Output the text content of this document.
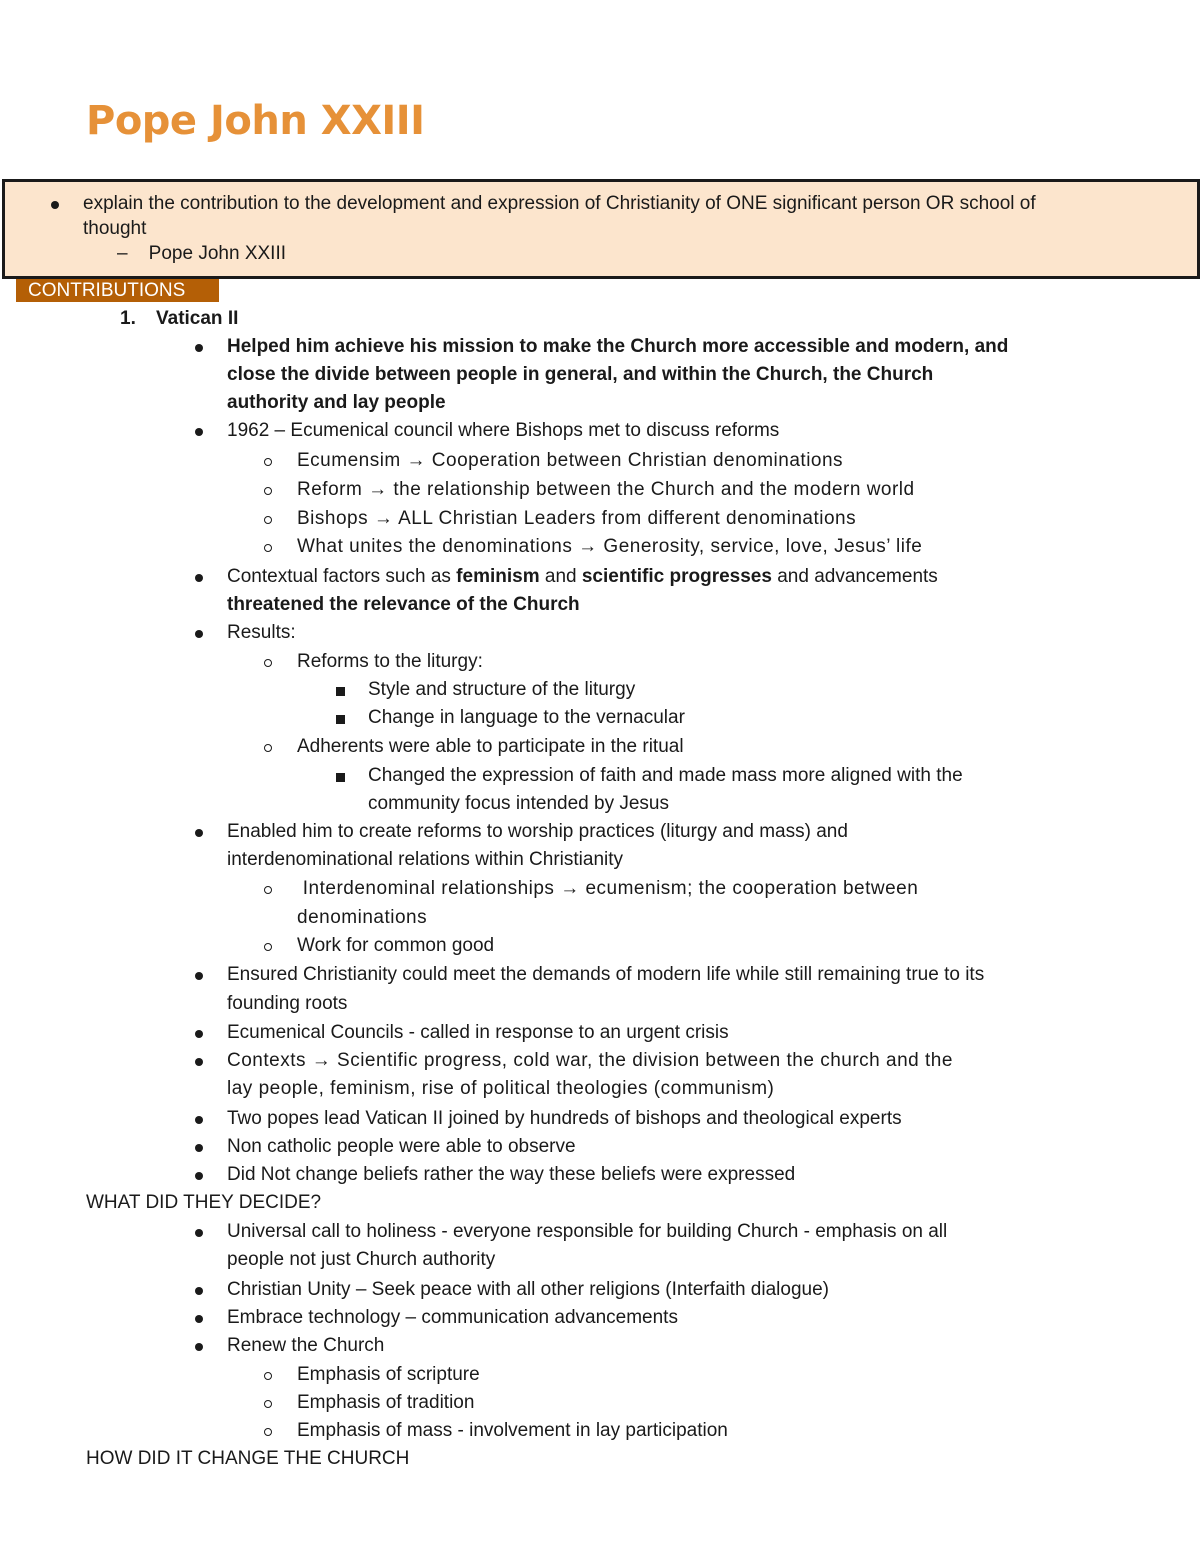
Pope John XXIII
explain the contribution to the development and expression of Christianity of ONE significant person OR school of
thought
–    Pope John XXIII
CONTRIBUTIONS
1. Vatican II
Helped him achieve his mission to make the Church more accessible and modern, and
close the divide between people in general, and within the Church, the Church
authority and lay people
1962 – Ecumenical council where Bishops met to discuss reforms
Ecumensim → Cooperation between Christian denominations
Reform → the relationship between the Church and the modern world
Bishops → ALL Christian Leaders from different denominations
What unites the denominations → Generosity, service, love, Jesus’ life
Contextual factors such as feminism and scientific progresses and advancements
threatened the relevance of the Church
Results:
Reforms to the liturgy:
Style and structure of the liturgy
Change in language to the vernacular
Adherents were able to participate in the ritual
Changed the expression of faith and made mass more aligned with the
community focus intended by Jesus
Enabled him to create reforms to worship practices (liturgy and mass) and
interdenominational relations within Christianity
Interdenominal relationships → ecumenism; the cooperation between
denominations
Work for common good
Ensured Christianity could meet the demands of modern life while still remaining true to its
founding roots
Ecumenical Councils - called in response to an urgent crisis
Contexts → Scientific progress, cold war, the division between the church and the
lay people, feminism, rise of political theologies (communism)
Two popes lead Vatican II joined by hundreds of bishops and theological experts
Non catholic people were able to observe
Did Not change beliefs rather the way these beliefs were expressed
WHAT DID THEY DECIDE?
Universal call to holiness - everyone responsible for building Church - emphasis on all
people not just Church authority
Christian Unity – Seek peace with all other religions (Interfaith dialogue)
Embrace technology – communication advancements
Renew the Church
Emphasis of scripture
Emphasis of tradition
Emphasis of mass - involvement in lay participation
HOW DID IT CHANGE THE CHURCH
